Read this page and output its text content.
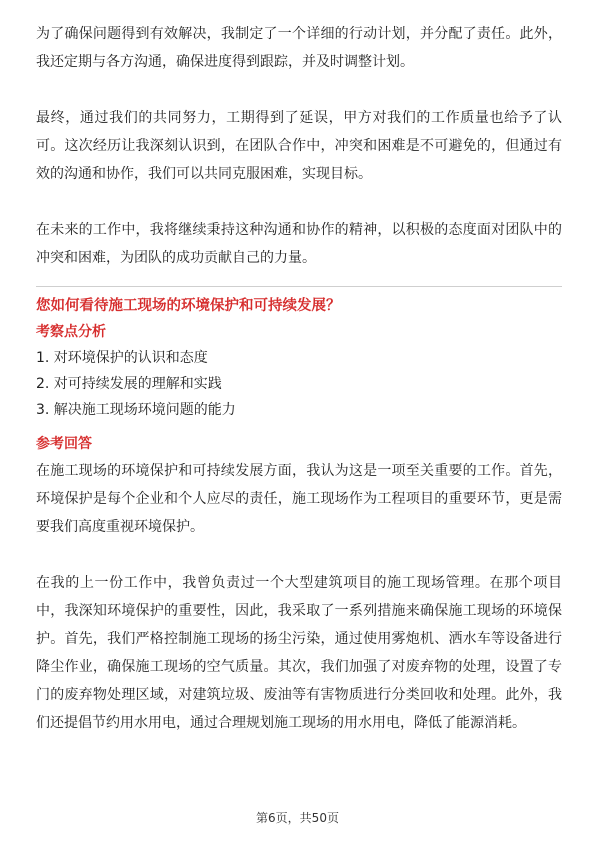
为了确保问题得到有效解决，我制定了一个详细的行动计划，并分配了责任。此外，我还定期与各方沟通，确保进度得到跟踪，并及时调整计划。

最终，通过我们的共同努力，工期得到了延误，甲方对我们的工作质量也给予了认可。这次经历让我深刻认识到，在团队合作中，冲突和困难是不可避免的，但通过有效的沟通和协作，我们可以共同克服困难，实现目标。

在未来的工作中，我将继续秉持这种沟通和协作的精神，以积极的态度面对团队中的冲突和困难，为团队的成功贡献自己的力量。

您如何看待施工现场的环境保护和可持续发展？
考察点分析

1. 对环境保护的认识和态度

2. 对可持续发展的理解和实践

3. 解决施工现场环境问题的能力

参考回答

在施工现场的环境保护和可持续发展方面，我认为这是一项至关重要的工作。首先，环境保护是每个企业和个人应尽的责任，施工现场作为工程项目的重要环节，更是需要我们高度重视环境保护。

在我的上一份工作中，我曾负责过一个大型建筑项目的施工现场管理。在那个项目中，我深知环境保护的重要性，因此，我采取了一系列措施来确保施工现场的环境保护。首先，我们严格控制施工现场的扬尘污染，通过使用雾炮机、洒水车等设备进行降尘作业，确保施工现场的空气质量。其次，我们加强了对废弃物的处理，设置了专门的废弃物处理区域，对建筑垃圾、废油等有害物质进行分类回收和处理。此外，我们还提倡节约用水用电，通过合理规划施工现场的用水用电，降低了能源消耗。

第6页，共50页
